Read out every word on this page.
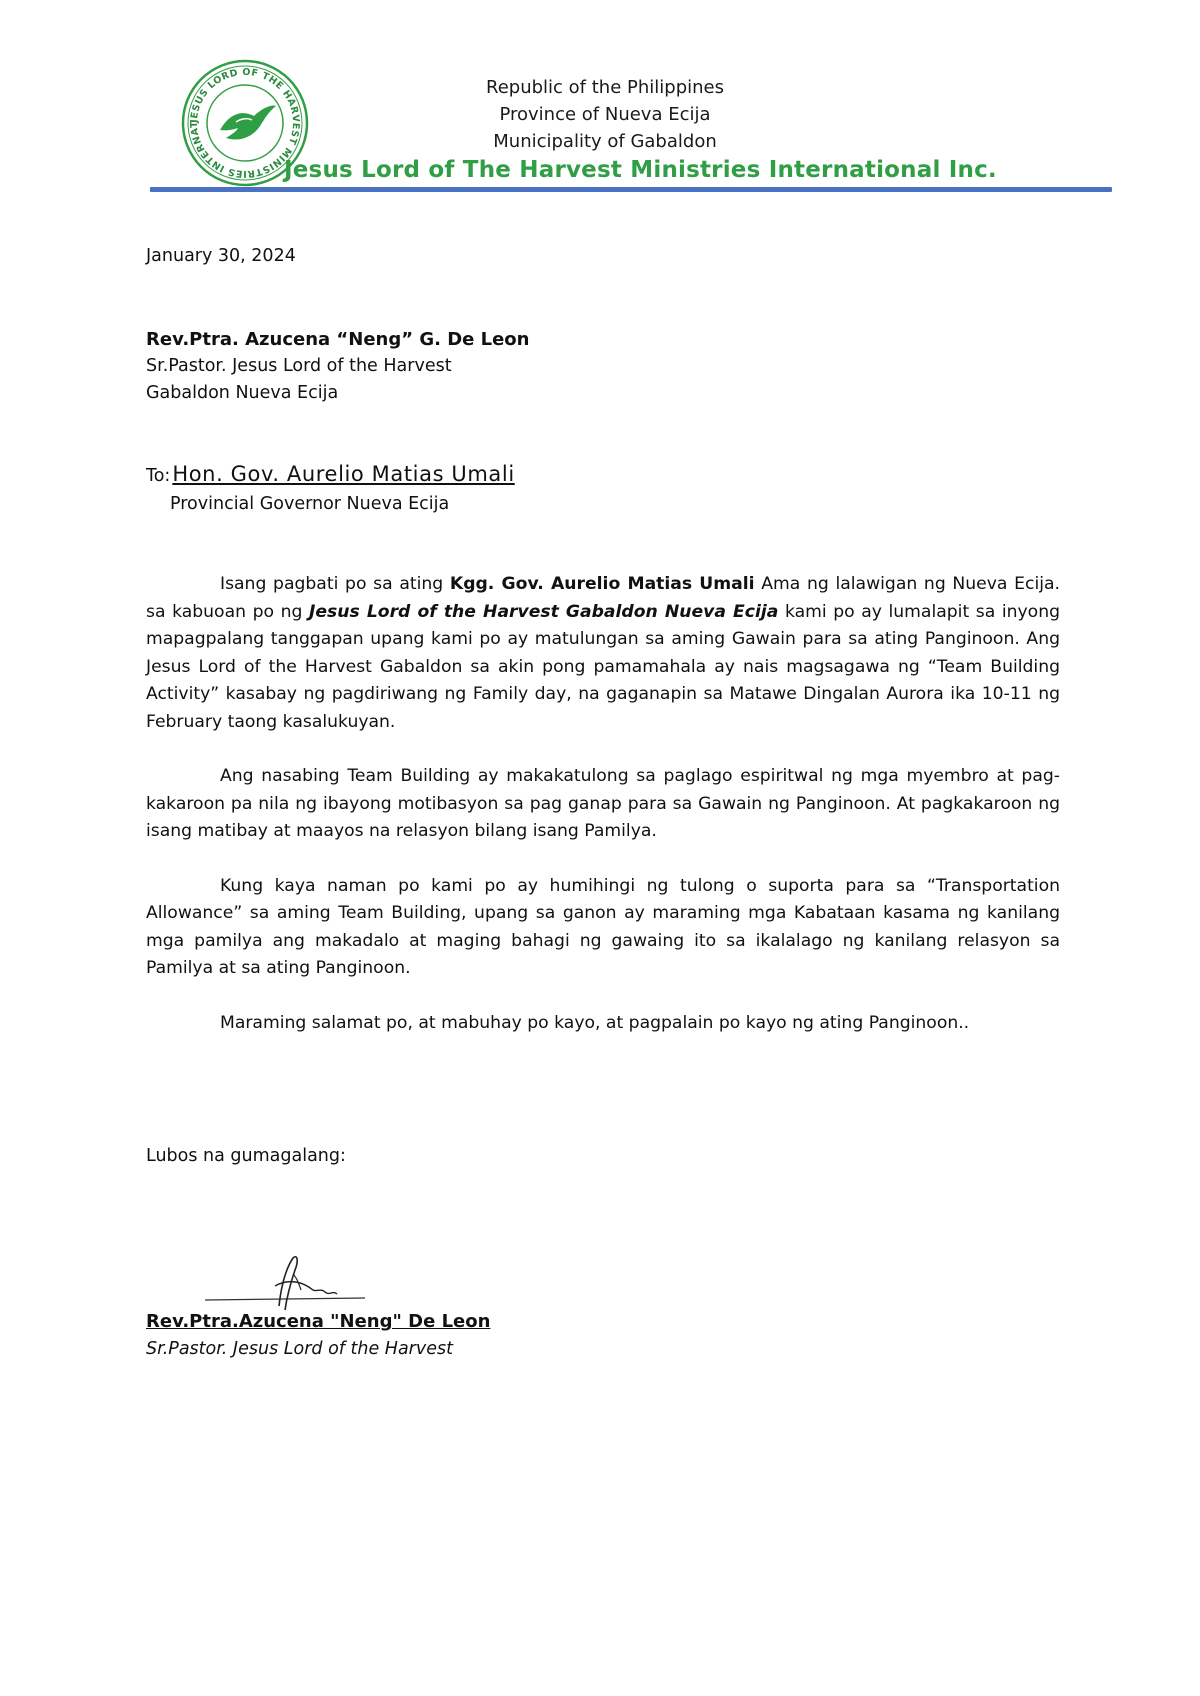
JESUS LORD OF THE HARVEST MINISTRIES INTERNAT
Republic of the Philippines
Province of Nueva Ecija
Municipality of Gabaldon
Jesus Lord of The Harvest Ministries International Inc.
January 30, 2024
Rev.Ptra. Azucena “Neng” G. De Leon
Sr.Pastor. Jesus Lord of the Harvest
Gabaldon Nueva Ecija
To:Hon. Gov. Aurelio Matias Umali
Provincial Governor Nueva Ecija

Isang pagbati po sa ating Kgg. Gov. Aurelio Matias Umali Ama ng lalawigan ng Nueva Ecija. sa kabuoan po ng Jesus Lord of the Harvest Gabaldon Nueva Ecija kami po ay lumalapit sa inyong mapagpalang tanggapan upang kami po ay matulungan sa aming Gawain para sa ating Panginoon. Ang Jesus Lord of the Harvest Gabaldon sa akin pong pamamahala ay nais magsagawa ng “Team Building Activity” kasabay ng pagdiriwang ng Family day, na gaganapin sa Matawe Dingalan Aurora ika 10-11 ng February taong kasalukuyan.

Ang nasabing Team Building ay makakatulong sa paglago espiritwal ng mga myembro at pag-kakaroon pa nila ng ibayong motibasyon sa pag ganap para sa Gawain ng Panginoon. At pagkakaroon ng isang matibay at maayos na relasyon bilang isang Pamilya.

Kung kaya naman po kami po ay humihingi ng tulong o suporta para sa “Transportation Allowance” sa aming Team Building, upang sa ganon ay maraming mga Kabataan kasama ng kanilang mga pamilya ang makadalo at maging bahagi ng gawaing ito sa ikalalago ng kanilang relasyon sa Pamilya at sa ating Panginoon.

Maraming salamat po, at mabuhay po kayo, at pagpalain po kayo ng ating Panginoon..

Lubos na gumagalang:
Rev.Ptra.Azucena "Neng" De Leon
Sr.Pastor. Jesus Lord of the Harvest
